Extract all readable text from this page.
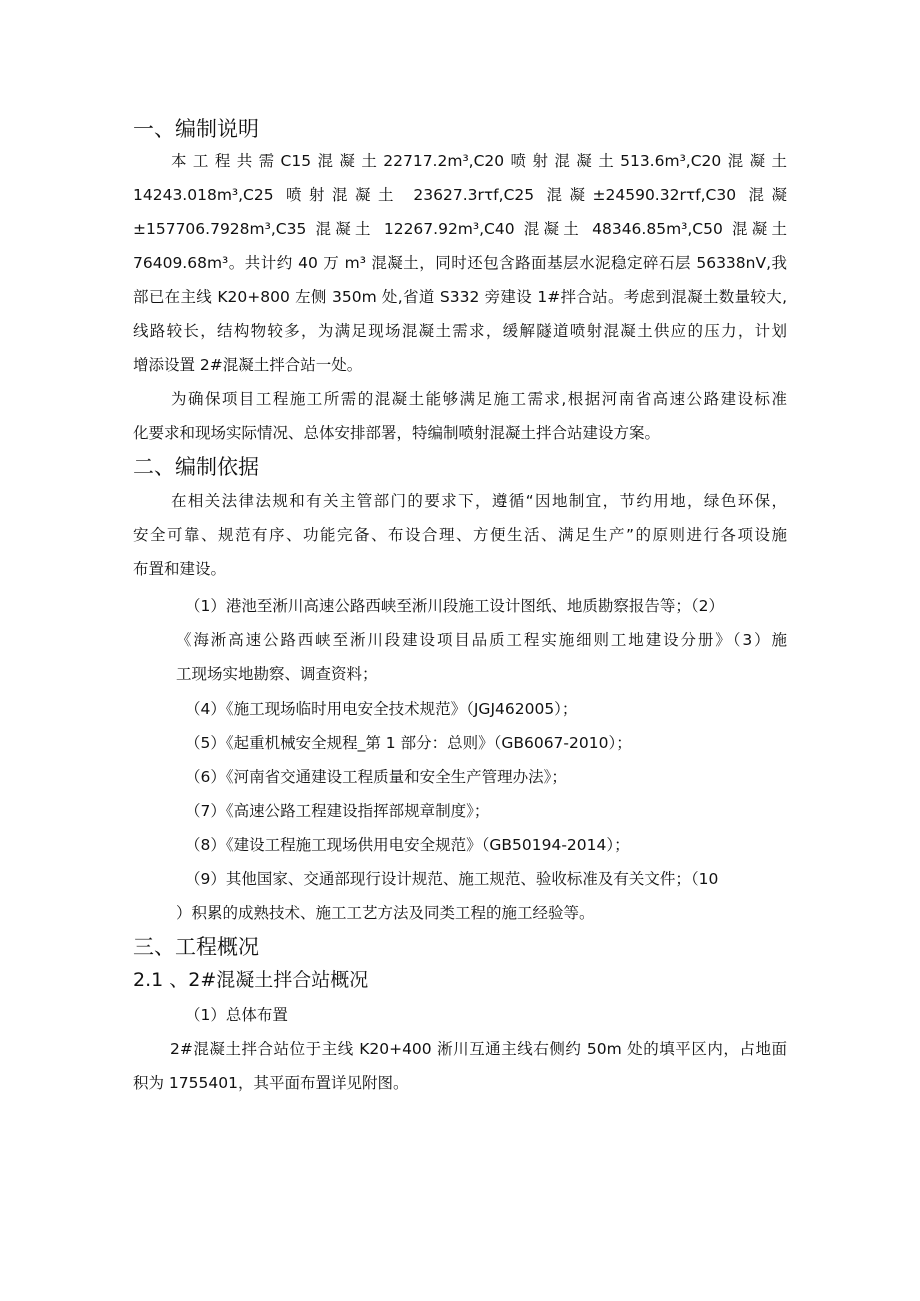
一、编制说明
本工程共需C15混凝土22717.2m³,C20喷射混凝土513.6m³,C20混凝土
14243.018m³,C25 喷射混凝土 23627.3rτf,C25 混凝±24590.32rτf,C30 混凝
±157706.7928m³,C35 混凝土 12267.92m³,C40 混凝土 48346.85m³,C50 混凝土
76409.68m³。共计约 40 万 m³ 混凝土，同时还包含路面基层水泥稳定碎石层 56338nV,我
部已在主线 K20+800 左侧 350m 处,省道 S332 旁建设 1#拌合站。考虑到混凝土数量较大,
线路较长，结构物较多，为满足现场混凝土需求，缓解隧道喷射混凝土供应的压力，计划
增添设置 2#混凝土拌合站一处。
为确保项目工程施工所需的混凝土能够满足施工需求,根据河南省高速公路建设标准
化要求和现场实际情况、总体安排部署，特编制喷射混凝土拌合站建设方案。
二、编制依据
在相关法律法规和有关主管部门的要求下，遵循“因地制宜，节约用地，绿色环保，
安全可靠、规范有序、功能完备、布设合理、方便生活、满足生产”的原则进行各项设施
布置和建设。
（1）港池至淅川高速公路西峡至淅川段施工设计图纸、地质勘察报告等；（2）
《海淅高速公路西峡至淅川段建设项目品质工程实施细则工地建设分册》（3）施
工现场实地勘察、调查资料；
（4）《施工现场临时用电安全技术规范》（JGJ462005）；
（5）《起重机械安全规程_第 1 部分：总则》（GB6067-2010）；
（6）《河南省交通建设工程质量和安全生产管理办法》；
（7）《高速公路工程建设指挥部规章制度》；
（8）《建设工程施工现场供用电安全规范》（GB50194-2014）；
（9）其他国家、交通部现行设计规范、施工规范、验收标准及有关文件；（10
）积累的成熟技术、施工工艺方法及同类工程的施工经验等。
三、工程概况
2.1 、2#混凝土拌合站概况
（1）总体布置
2#混凝土拌合站位于主线 K20+400 淅川互通主线右侧约 50m 处的填平区内，占地面
积为 1755401，其平面布置详见附图。
